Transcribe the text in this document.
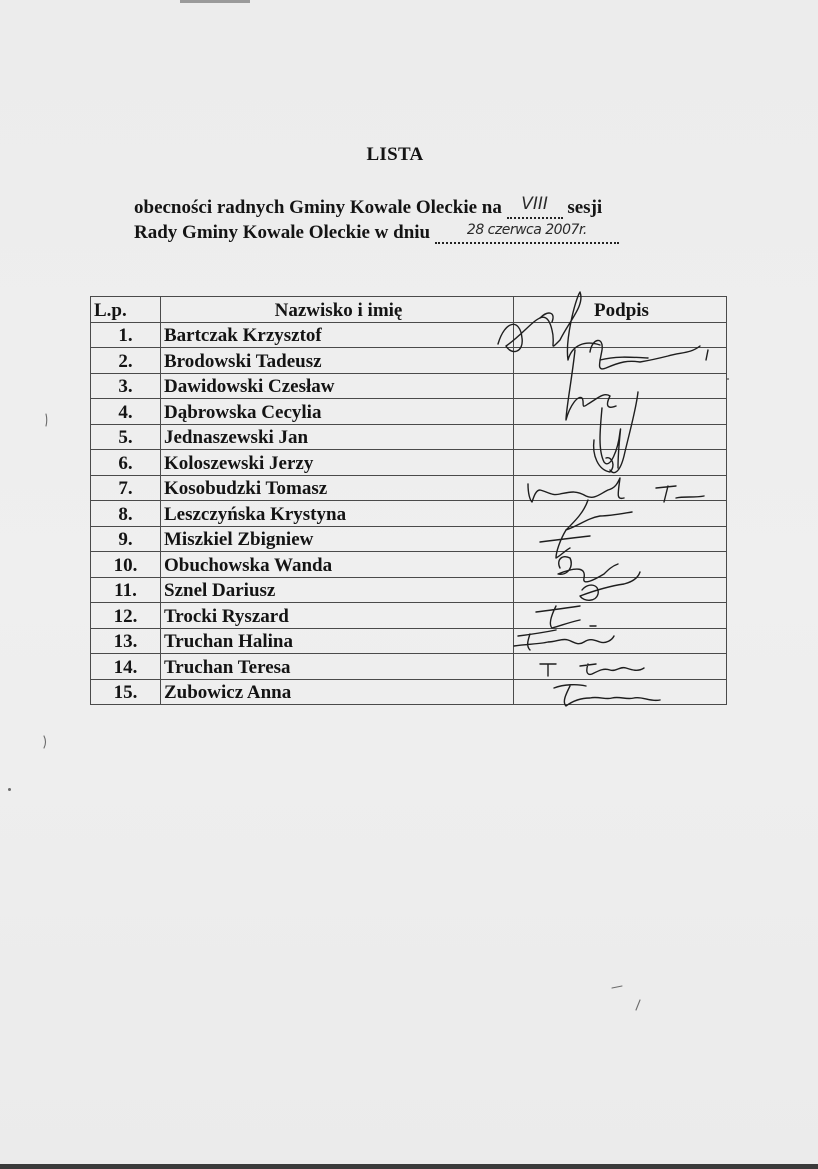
LISTA
obecności radnych Gminy Kowale Oleckie na VIII sesji
Rady Gminy Kowale Oleckie w dniu	$^{28 czerwca 2007r.}$
L.p.	Nazwisko i imię	Podpis
1.	Bartczak Krzysztof	
2.	Brodowski Tadeusz	
3.	Dawidowski Czesław	
4.	Dąbrowska Cecylia	
5.	Jednaszewski Jan	
6.	Koloszewski Jerzy	
7.	Kosobudzki Tomasz	
8.	Leszczyńska Krystyna	
9.	Miszkiel Zbigniew	
10.	Obuchowska Wanda	
11.	Sznel Dariusz	
12.	Trocki Ryszard	
13.	Truchan Halina	
14.	Truchan Teresa	
15.	Zubowicz Anna	
